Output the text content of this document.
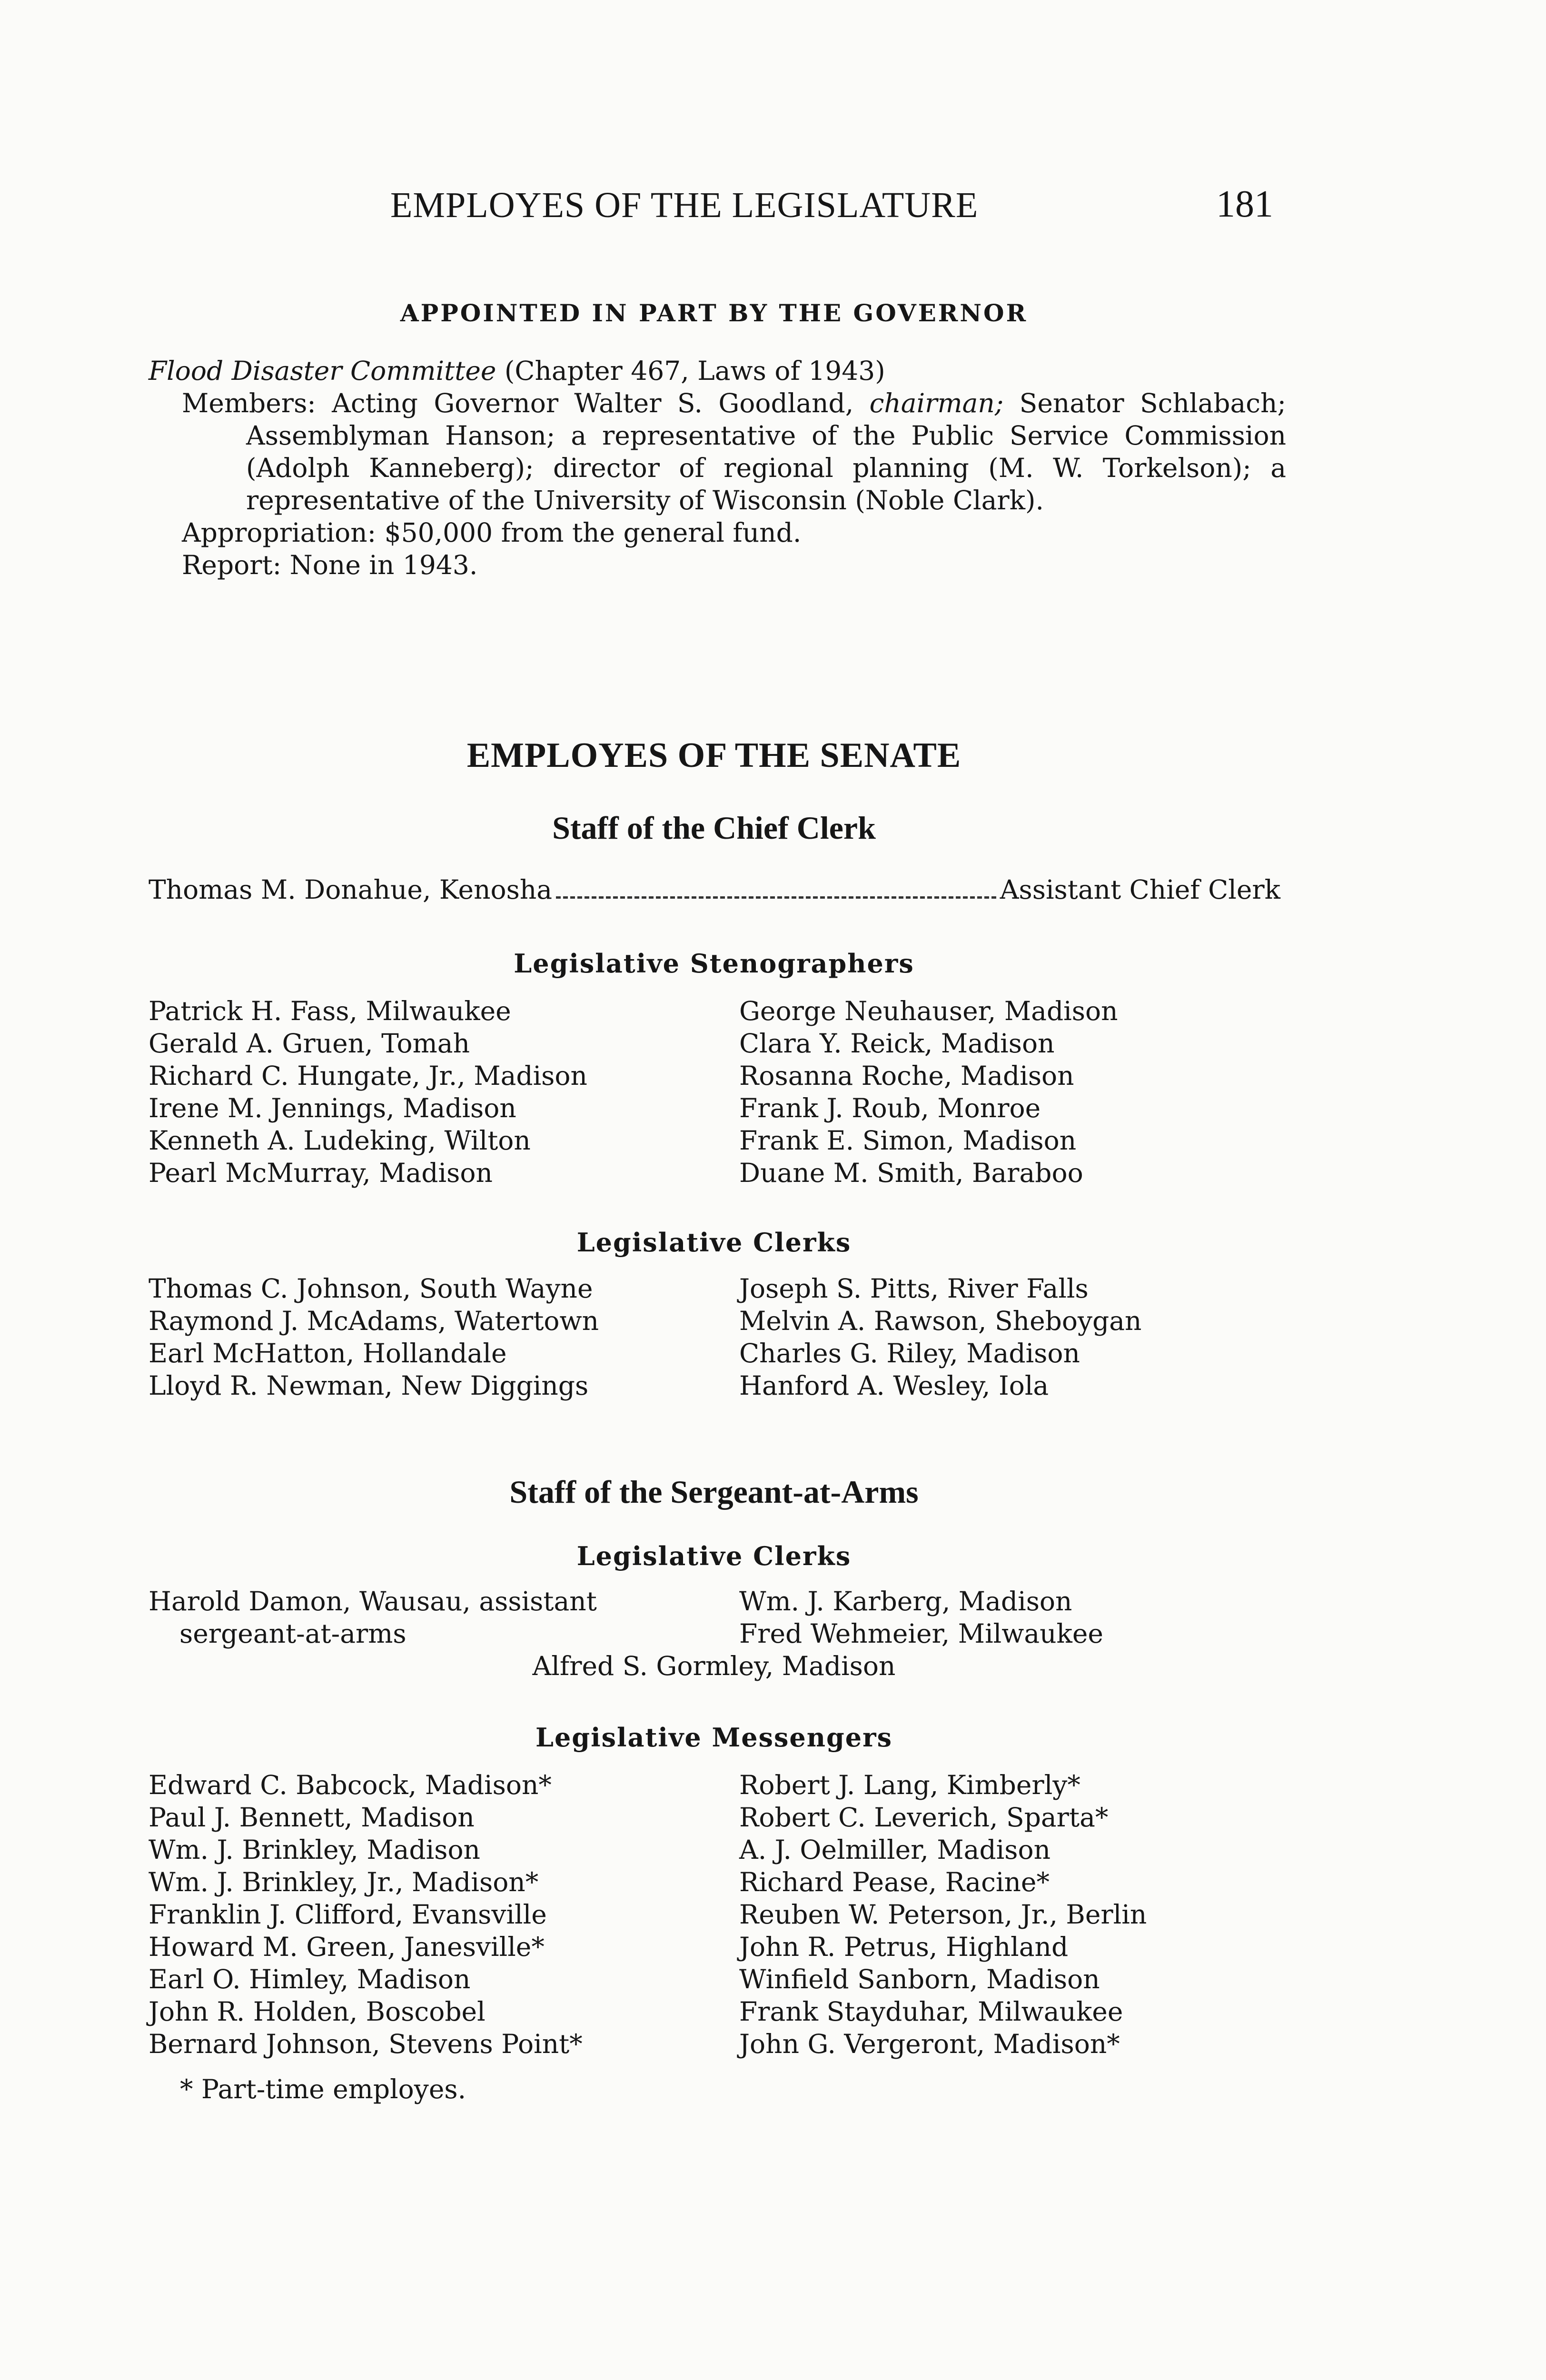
EMPLOYES OF THE LEGISLATURE	181
APPOINTED IN PART BY THE GOVERNOR

Flood Disaster Committee (Chapter 467, Laws of 1943)

Members: Acting Governor Walter S. Goodland, chairman; Senator Schlabach; Assemblyman Hanson; a representative of the Public Service Commission (Adolph Kanneberg); director of regional planning (M. W. Torkelson); a representative of the University of Wisconsin (Noble Clark).

Appropriation: $50,000 from the general fund.

Report: None in 1943.

EMPLOYES OF THE SENATE
Staff of the Chief Clerk
Thomas M. Donahue, Kenosha	Assistant Chief Clerk
Legislative Stenographers
Patrick H. Fass, Milwaukee
Gerald A. Gruen, Tomah
Richard C. Hungate, Jr., Madison
Irene M. Jennings, Madison
Kenneth A. Ludeking, Wilton
Pearl McMurray, Madison
George Neuhauser, Madison
Clara Y. Reick, Madison
Rosanna Roche, Madison
Frank J. Roub, Monroe
Frank E. Simon, Madison
Duane M. Smith, Baraboo
Legislative Clerks
Thomas C. Johnson, South Wayne
Raymond J. McAdams, Watertown
Earl McHatton, Hollandale
Lloyd R. Newman, New Diggings
Joseph S. Pitts, River Falls
Melvin A. Rawson, Sheboygan
Charles G. Riley, Madison
Hanford A. Wesley, Iola
Staff of the Sergeant-at-Arms
Legislative Clerks
Harold Damon, Wausau, assistant
sergeant-at-arms
Wm. J. Karberg, Madison
Fred Wehmeier, Milwaukee
Alfred S. Gormley, Madison
Legislative Messengers
Edward C. Babcock, Madison*
Paul J. Bennett, Madison
Wm. J. Brinkley, Madison
Wm. J. Brinkley, Jr., Madison*
Franklin J. Clifford, Evansville
Howard M. Green, Janesville*
Earl O. Himley, Madison
John R. Holden, Boscobel
Bernard Johnson, Stevens Point*
Robert J. Lang, Kimberly*
Robert C. Leverich, Sparta*
A. J. Oelmiller, Madison
Richard Pease, Racine*
Reuben W. Peterson, Jr., Berlin
John R. Petrus, Highland
Winfield Sanborn, Madison
Frank Stayduhar, Milwaukee
John G. Vergeront, Madison*
* Part-time employes.
